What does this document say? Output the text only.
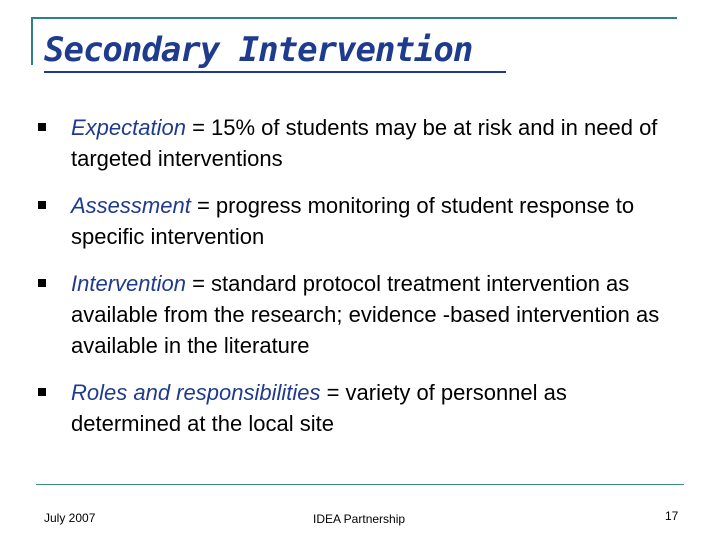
Secondary Intervention
Expectation = 15% of students may be at risk and in need of targeted interventions
Assessment = progress monitoring of student response to specific intervention
Intervention = standard protocol treatment intervention as available from the research; evidence -based intervention as available in the literature
Roles and responsibilities = variety of personnel as determined at the local site
July 2007	IDEA Partnership	17
